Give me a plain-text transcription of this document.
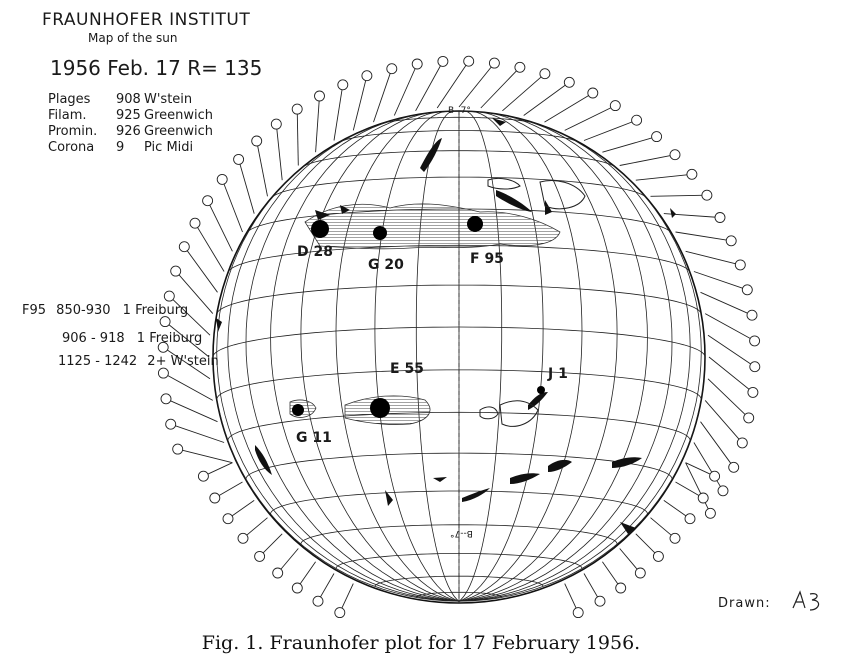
FRAUNHOFER INSTITUT
Map of the sun
1956 Feb. 17 R= 135
Plages 908 W'stein
Filam. 925 Greenwich
Promin. 926 Greenwich
Corona 9 Pic Midi
F95 850-930 1 Freiburg
906 - 918 1 Freiburg
1125 - 1242 2+ W'stein
D 28
G 20	F 95
E 55	J 1
G 11
B--7°
B--7°
Drawn:
Fig. 1. Fraunhofer plot for 17 February 1956.
